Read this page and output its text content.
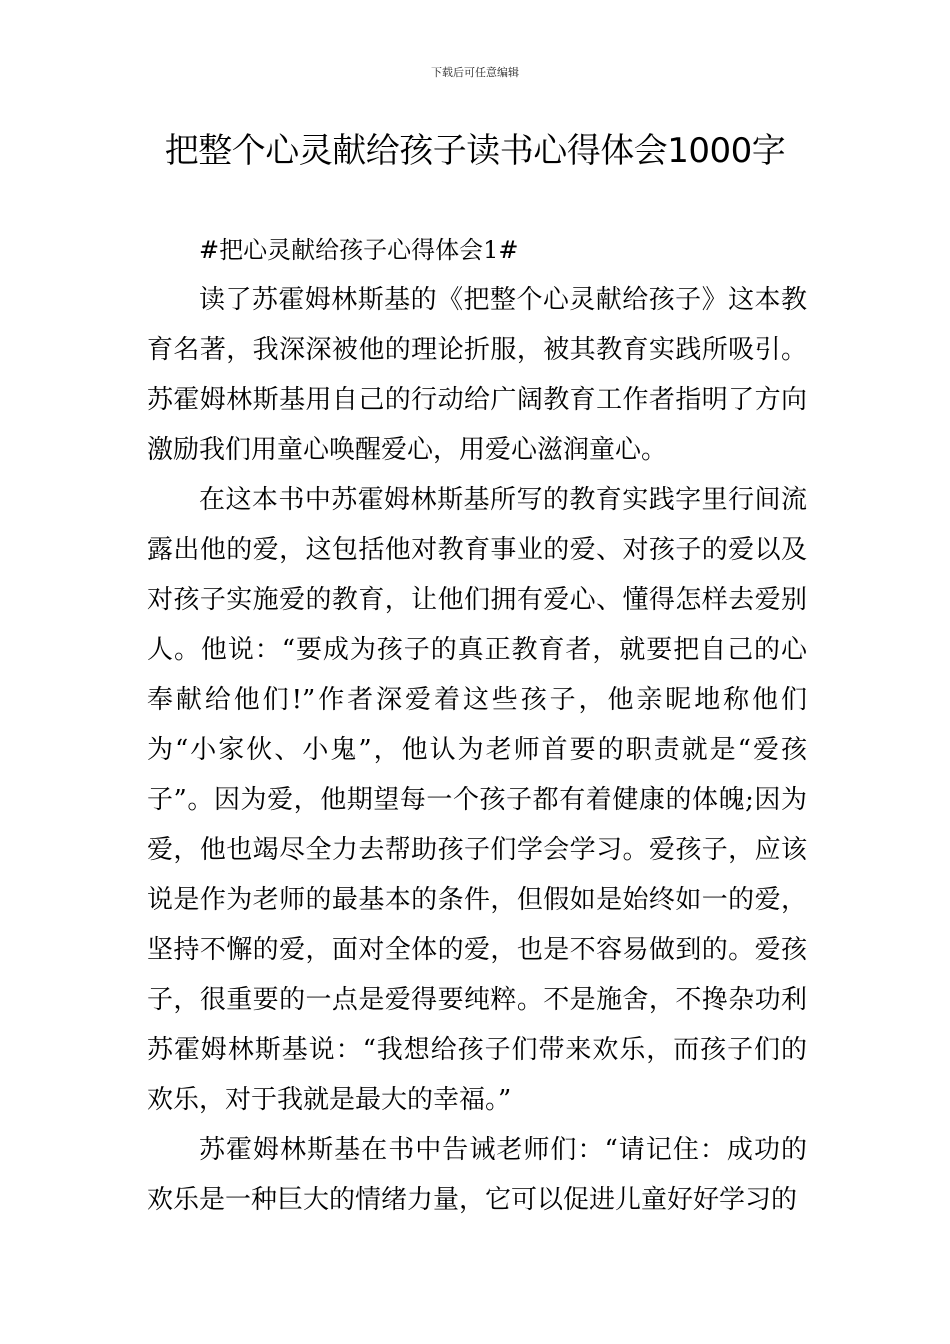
下载后可任意编辑
把整个心灵献给孩子读书心得体会1000字

#把心灵献给孩子心得体会1#

读了苏霍姆林斯基的《把整个心灵献给孩子》这本教育名著，我深深被他的理论折服，被其教育实践所吸引。苏霍姆林斯基用自己的行动给广阔教育工作者指明了方向激励我们用童心唤醒爱心，用爱心滋润童心。

在这本书中苏霍姆林斯基所写的教育实践字里行间流露出他的爱，这包括他对教育事业的爱、对孩子的爱以及对孩子实施爱的教育，让他们拥有爱心、懂得怎样去爱别人。他说：“要成为孩子的真正教育者，就要把自己的心奉献给他们!”作者深爱着这些孩子，他亲昵地称他们为“小家伙、小鬼”，他认为老师首要的职责就是“爱孩子”。因为爱，他期望每一个孩子都有着健康的体魄;因为爱，他也竭尽全力去帮助孩子们学会学习。爱孩子，应该说是作为老师的最基本的条件，但假如是始终如一的爱，坚持不懈的爱，面对全体的爱，也是不容易做到的。爱孩子，很重要的一点是爱得要纯粹。不是施舍，不搀杂功利苏霍姆林斯基说：“我想给孩子们带来欢乐，而孩子们的欢乐，对于我就是最大的幸福。”

苏霍姆林斯基在书中告诫老师们：“请记住：成功的欢乐是一种巨大的情绪力量，它可以促进儿童好好学习的
